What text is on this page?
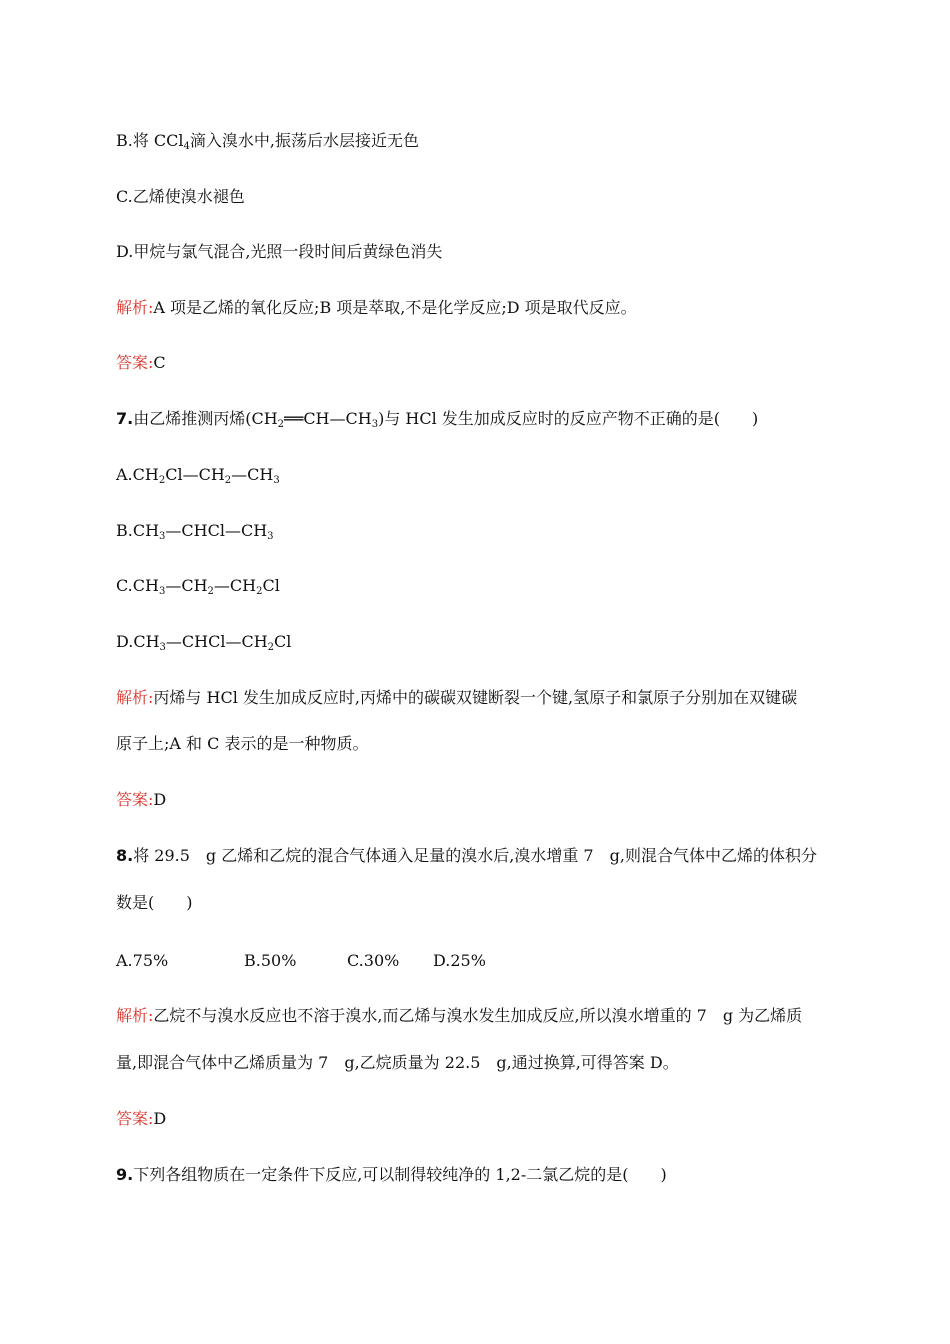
B.将 CCl$_4$滴入溴水中,振荡后水层接近无色
C.乙烯使溴水褪色
D.甲烷与氯气混合,光照一段时间后黄绿色消失
解析:A 项是乙烯的氧化反应;B 项是萃取,不是化学反应;D 项是取代反应。
答案:C
7.由乙烯推测丙烯$(CH_2══CH—CH_3)$与 HCl 发生加成反应时的反应产物不正确的是(　　)
$A.CH_2Cl—CH_2—CH_3$
$B.CH_3—CHCl—CH_3$
$C.CH_3—CH_2—CH_2Cl$
$D.CH_3—CHCl—CH_2Cl$
解析:丙烯与 HCl 发生加成反应时,丙烯中的碳碳双键断裂一个键,氢原子和氯原子分别加在双键碳
原子上;A 和 C 表示的是一种物质。
答案:D
8.将 29.5　g 乙烯和乙烷的混合气体通入足量的溴水后,溴水增重 7　g,则混合气体中乙烯的体积分
数是(　　)
A.75%	B.50%	C.30% D.25%
解析:乙烷不与溴水反应也不溶于溴水,而乙烯与溴水发生加成反应,所以溴水增重的 7　g 为乙烯质
量,即混合气体中乙烯质量为 7　g,乙烷质量为 22.5　g,通过换算,可得答案 D。
答案:D
9.下列各组物质在一定条件下反应,可以制得较纯净的 1,2-二氯乙烷的是(　　)
